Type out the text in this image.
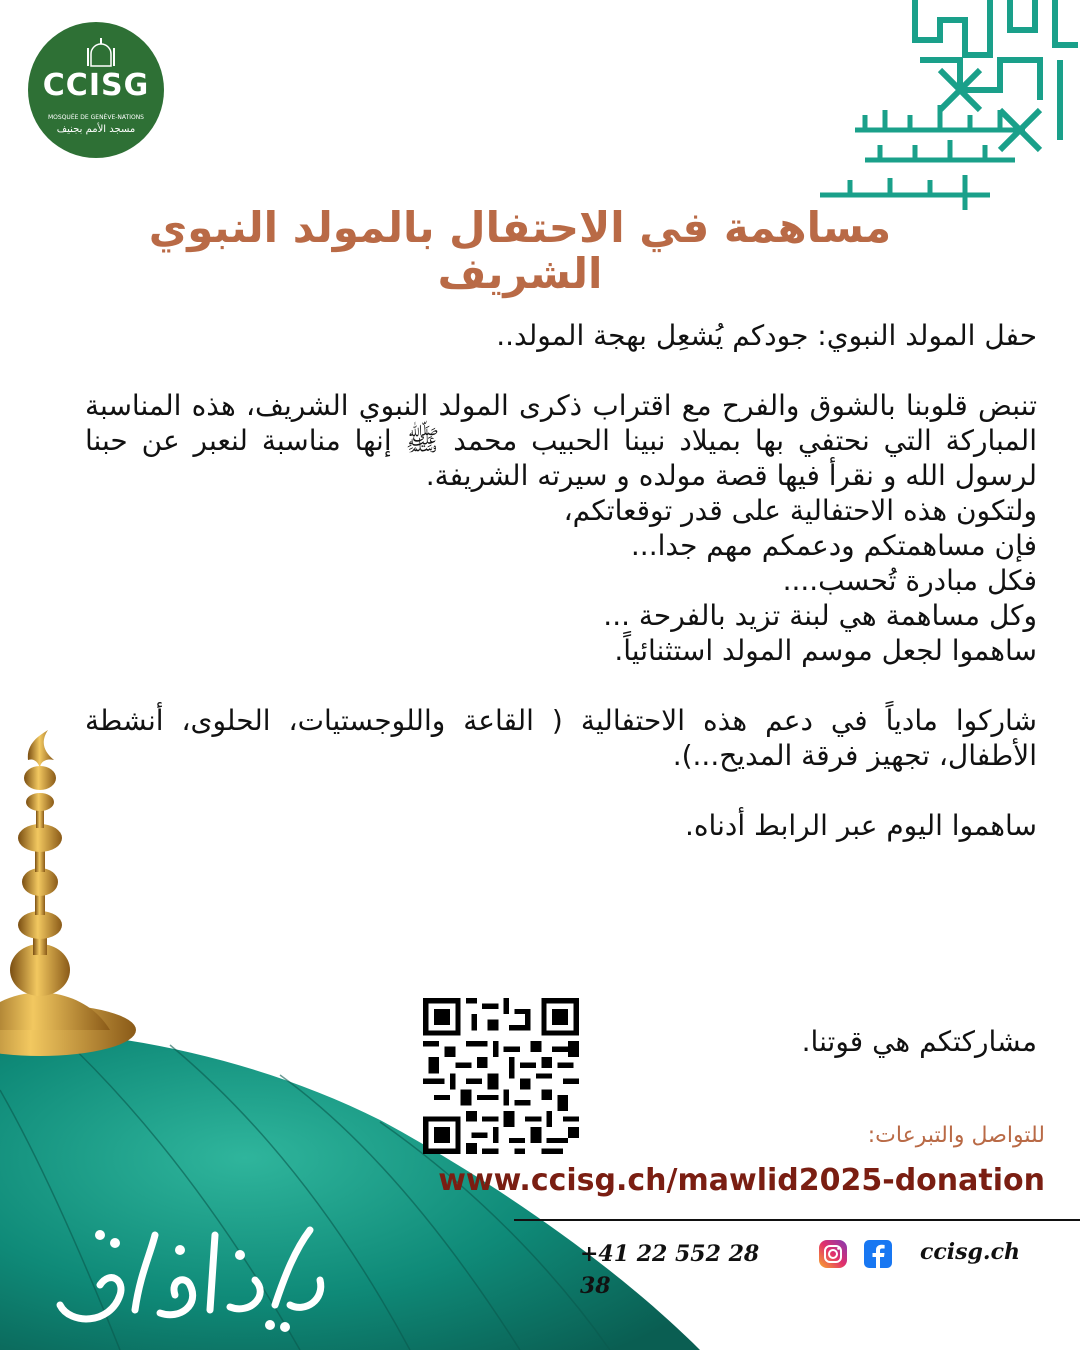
CCISG
MOSQUÉE DE GENÈVE-NATIONS
مسجد الأمم بجنيف
مساهمة في الاحتفال بالمولد النبوي الشريف

حفل المولد النبوي: جودكم يُشعِل بهجة المولد..

تنبض قلوبنا بالشوق والفرح مع اقتراب ذكرى المولد النبوي الشريف، هذه المناسبة المباركة التي نحتفي بها بميلاد نبينا الحبيب محمد ﷺ إنها مناسبة لنعبر عن حبنا لرسول الله و نقرأ فيها قصة مولده و سيرته الشريفة.

ولتكون هذه الاحتفالية على قدر توقعاتكم،

فإن مساهمتكم ودعمكم مهم جدا...

فكل مبادرة تُحسب....

وكل مساهمة هي لبنة تزيد بالفرحة ...

ساهموا لجعل موسم المولد استثنائياً.

شاركوا مادياً في دعم هذه الاحتفالية ( القاعة واللوجستيات، الحلوى، أنشطة الأطفال، تجهيز فرقة المديح...).

ساهموا اليوم عبر الرابط أدناه.

مشاركتكم هي قوتنا.
للتواصل والتبرعات:
www.ccisg.ch/mawlid2025-donation
+41 22 552 28 38
ccisg.ch
